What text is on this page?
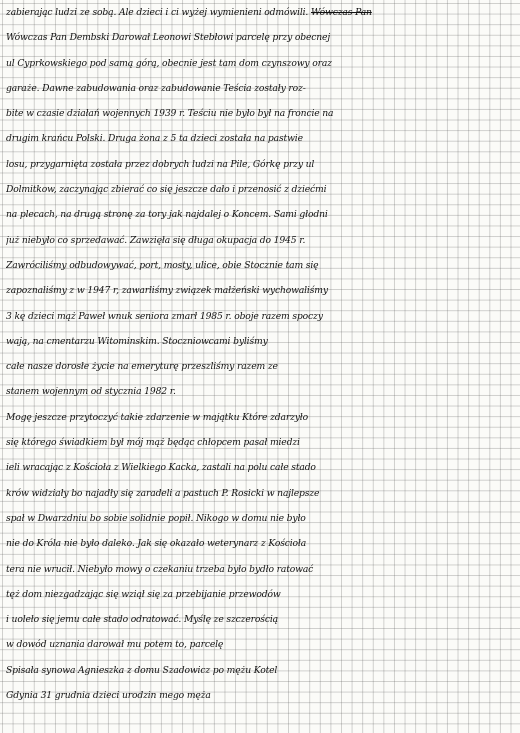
zabierając ludzi ze sobą. Ale dzieci i ci wyżej wymienieni odmówili. Wówczas Pan
Wówczas Pan Dembski Darował Leonowi Stebłowi parcelę przy obecnej
ul Cyprkowskiego pod samą górą, obecnie jest tam dom czynszowy oraz
garaże. Dawne zabudowania oraz zabudowanie Teścia zostały roz-
bite w czasie działań wojennych 1939 r. Teściu nie było był na froncie na
drugim krańcu Polski. Druga żona z 5 ta dzieci została na pastwie
losu, przygarnięta została przez dobrych ludzi na Pile, Górkę przy ul
Dolmitkow, zaczynając zbierać co się jeszcze dało i przenosić z dziećmi
na plecach, na drugą stronę za tory jak najdalej o Koncem. Sami głodni
już niebyło co sprzedawać. Zawzięła się długa okupacja do 1945 r.
Zawróciliśmy odbudowywać, port, mosty, ulice, obie Stocznie tam się
zapoznaliśmy z w 1947 r, zawarliśmy związek małżeński wychowaliśmy
3 kę dzieci mąż Paweł wnuk seniora zmarł 1985 r. oboje razem spoczy
wają, na cmentarzu Witominskim. Stoczniowcami byliśmy
całe nasze dorosłe życie na emeryturę przeszliśmy razem ze
stanem wojennym od stycznia 1982 r.
Mogę jeszcze przytoczyć takie zdarzenie w majątku Które zdarzyło
się którego świadkiem był mój mąż będąc chłopcem pasał miedzi
ieli wracając z Kościoła z Wielkiego Kacka, zastali na polu całe stado
krów widziały bo najadły się zaradeli a pastuch P. Rosicki w najlepsze
spał w Dwarzdniu bo sobie solidnie popił. Nikogo w domu nie było
nie do Króla nie było daleko. Jak się okazało weterynarz z Kościoła
tera nie wrucił. Niebyło mowy o czekaniu trzeba było bydło ratować
tęż dom niezgadzając się wziął się za przebijanie przewodów
i uoleło się jemu całe stado odratować. Myślę ze szczerością
w dowód uznania darował mu potem to, parcelę
Spisała synowa Agnieszka z domu Szadowicz po mężu Kotel
Gdynia 31 grudnia dzieci urodzin mego męża
